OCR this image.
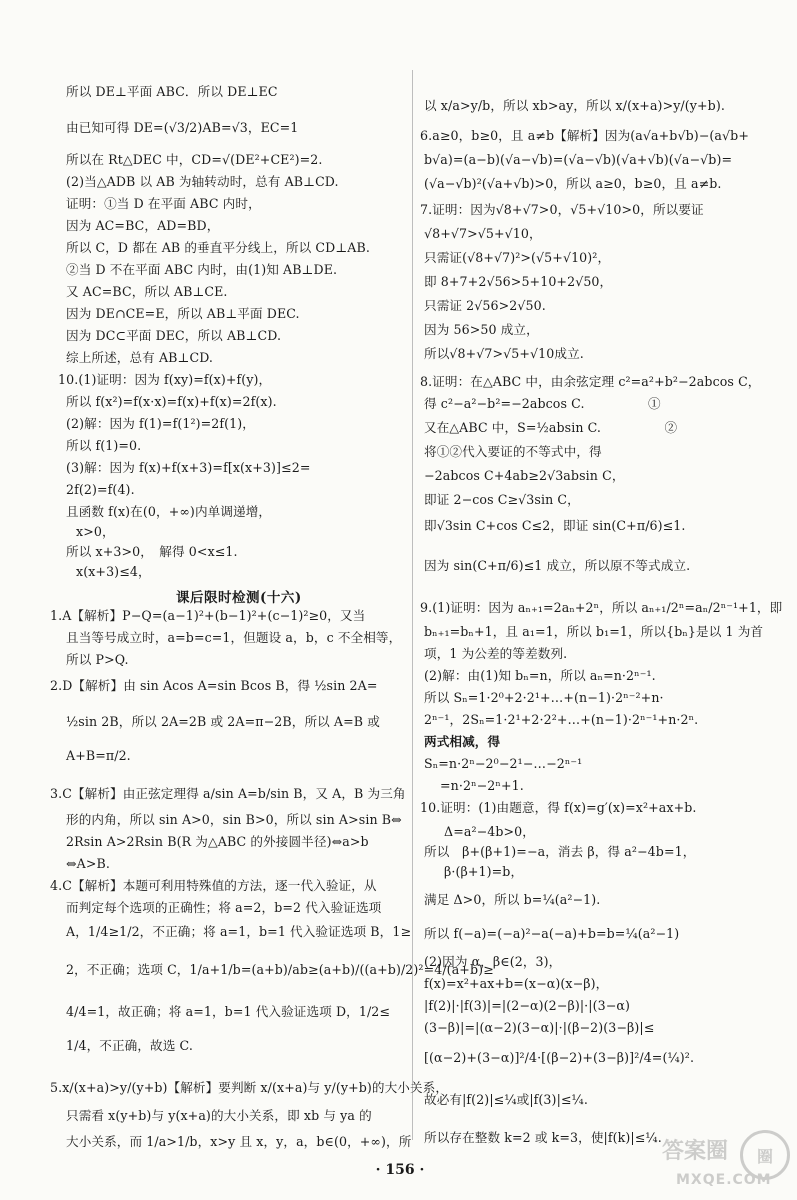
所以 DE⊥平面 ABC．所以 DE⊥EC
由已知可得 DE=(√3/2)AB=√3，EC=1
所以在 Rt△DEC 中，CD=√(DE²+CE²)=2.
(2)当△ADB 以 AB 为轴转动时，总有 AB⊥CD.
证明：①当 D 在平面 ABC 内时，
因为 AC=BC，AD=BD，
所以 C，D 都在 AB 的垂直平分线上，所以 CD⊥AB.
②当 D 不在平面 ABC 内时，由(1)知 AB⊥DE.
又 AC=BC，所以 AB⊥CE.
因为 DE∩CE=E，所以 AB⊥平面 DEC.
因为 DC⊂平面 DEC，所以 AB⊥CD.
综上所述，总有 AB⊥CD.
10.(1)证明：因为 f(xy)=f(x)+f(y)，
所以 f(x²)=f(x·x)=f(x)+f(x)=2f(x).
(2)解：因为 f(1)=f(1²)=2f(1)，
所以 f(1)=0.
(3)解：因为 f(x)+f(x+3)=f[x(x+3)]≤2=
2f(2)=f(4).
且函数 f(x)在(0，+∞)内单调递增，
x>0，
所以 x+3>0，　解得 0<x≤1.
x(x+3)≤4，
课后限时检测(十六)
1.A【解析】P−Q=(a−1)²+(b−1)²+(c−1)²≥0，又当
且当等号成立时，a=b=c=1，但题设 a，b，c 不全相等，
所以 P>Q.
2.D【解析】由 sin Acos A=sin Bcos B，得 ½sin 2A=
½sin 2B，所以 2A=2B 或 2A=π−2B，所以 A=B 或
A+B=π/2.
3.C【解析】由正弦定理得 a/sin A=b/sin B，又 A，B 为三角
形的内角，所以 sin A>0，sin B>0，所以 sin A>sin B⇔
2Rsin A>2Rsin B(R 为△ABC 的外接圆半径)⇔a>b
⇔A>B.
4.C【解析】本题可利用特殊值的方法，逐一代入验证，从
而判定每个选项的正确性；将 a=2，b=2 代入验证选项
A，1/4≥1/2，不正确；将 a=1，b=1 代入验证选项 B，1≥
2，不正确；选项 C，1/a+1/b=(a+b)/ab≥(a+b)/((a+b)/2)²=4/(a+b)≥
4/4=1，故正确；将 a=1，b=1 代入验证选项 D，1/2≤
1/4，不正确，故选 C.
5.x/(x+a)>y/(y+b)【解析】要判断 x/(x+a)与 y/(y+b)的大小关系，
只需看 x(y+b)与 y(x+a)的大小关系，即 xb 与 ya 的
大小关系，而 1/a>1/b，x>y 且 x，y，a，b∈(0，+∞)，所
以 x/a>y/b，所以 xb>ay，所以 x/(x+a)>y/(y+b).
6.a≥0，b≥0，且 a≠b【解析】因为(a√a+b√b)−(a√b+
b√a)=(a−b)(√a−√b)=(√a−√b)(√a+√b)(√a−√b)=
(√a−√b)²(√a+√b)>0，所以 a≥0，b≥0，且 a≠b.
7.证明：因为√8+√7>0，√5+√10>0，所以要证
√8+√7>√5+√10，
只需证(√8+√7)²>(√5+√10)²，
即 8+7+2√56>5+10+2√50，
只需证 2√56>2√50.
因为 56>50 成立，
所以√8+√7>√5+√10成立.
8.证明：在△ABC 中，由余弦定理 c²=a²+b²−2abcos C，
得 c²−a²−b²=−2abcos C.　　　　　①
又在△ABC 中，S=½absin C.　　　　　②
将①②代入要证的不等式中，得
−2abcos C+4ab≥2√3absin C，
即证 2−cos C≥√3sin C，
即√3sin C+cos C≤2，即证 sin(C+π/6)≤1.
因为 sin(C+π/6)≤1 成立，所以原不等式成立.
9.(1)证明：因为 aₙ₊₁=2aₙ+2ⁿ，所以 aₙ₊₁/2ⁿ=aₙ/2ⁿ⁻¹+1，即
bₙ₊₁=bₙ+1，且 a₁=1，所以 b₁=1，所以{bₙ}是以 1 为首
项，1 为公差的等差数列.
(2)解：由(1)知 bₙ=n，所以 aₙ=n·2ⁿ⁻¹.
所以 Sₙ=1·2⁰+2·2¹+…+(n−1)·2ⁿ⁻²+n·
2ⁿ⁻¹，2Sₙ=1·2¹+2·2²+…+(n−1)·2ⁿ⁻¹+n·2ⁿ.
两式相减，得
Sₙ=n·2ⁿ−2⁰−2¹−…−2ⁿ⁻¹
=n·2ⁿ−2ⁿ+1.
10.证明：(1)由题意，得 f(x)=g′(x)=x²+ax+b.
Δ=a²−4b>0，
所以　β+(β+1)=−a，消去 β，得 a²−4b=1，
β·(β+1)=b，
满足 Δ>0，所以 b=¼(a²−1).
所以 f(−a)=(−a)²−a(−a)+b=b=¼(a²−1)
(2)因为 α，β∈(2，3)，
f(x)=x²+ax+b=(x−α)(x−β)，
|f(2)|·|f(3)|=|(2−α)(2−β)|·|(3−α)
(3−β)|=|(α−2)(3−α)|·|(β−2)(3−β)|≤
[(α−2)+(3−α)]²/4·[(β−2)+(3−β)]²/4=(¼)².
故必有|f(2)|≤¼或|f(3)|≤¼.
所以存在整数 k=2 或 k=3，使|f(k)|≤¼.
· 156 ·
答案圈	圈
MXQE.COM
